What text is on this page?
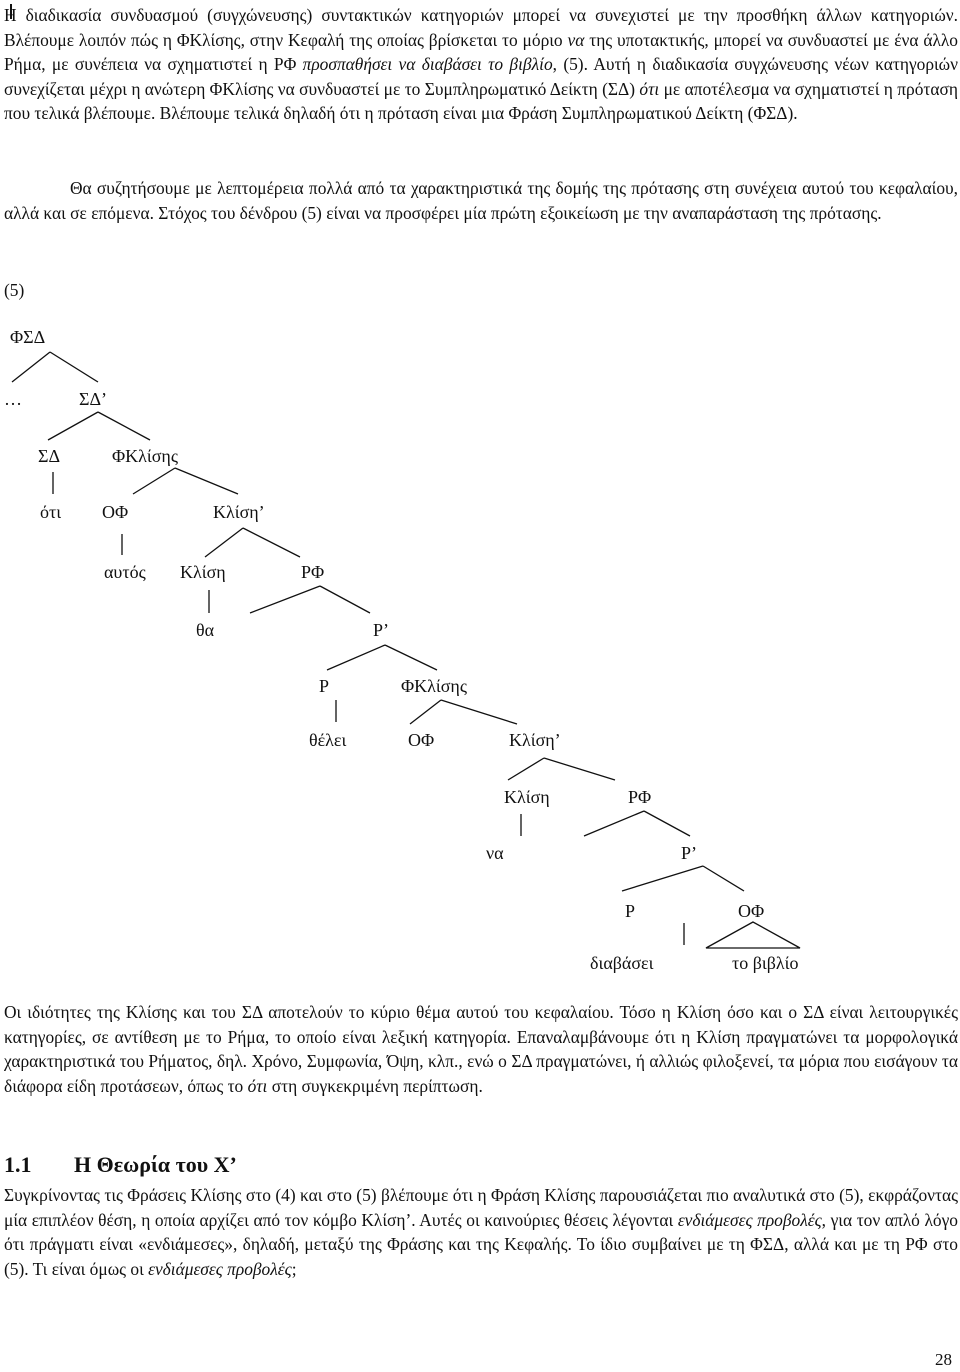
Η διαδικασία συνδυασμού (συγχώνευσης) συντακτικών κατηγοριών μπορεί να συνεχιστεί με την προσθήκη άλλων κατηγοριών. Βλέπουμε λοιπόν πώς η ΦΚλίσης, στην Κεφαλή της οποίας βρίσκεται το μόριο να της υποτακτικής, μπορεί να συνδυαστεί με ένα άλλο Ρήμα, με συνέπεια να σχηματιστεί η ΡΦ προσπαθήσει να διαβάσει το βιβλίο, (5). Αυτή η διαδικασία συγχώνευσης νέων κατηγοριών συνεχίζεται μέχρι η ανώτερη ΦΚλίσης να συνδυαστεί με το Συμπληρωματικό Δείκτη (ΣΔ) ότι με αποτέλεσμα να σχηματιστεί η πρόταση που τελικά βλέπουμε. Βλέπουμε τελικά δηλαδή ότι η πρόταση είναι μια Φράση Συμπληρωματικού Δείκτη (ΦΣΔ).

Θα συζητήσουμε με λεπτομέρεια πολλά από τα χαρακτηριστικά της δομής της πρότασης στη συνέχεια αυτού του κεφαλαίου, αλλά και σε επόμενα. Στόχος του δένδρου (5) είναι να προσφέρει μία πρώτη εξοικείωση με την αναπαράσταση της πρότασης.

(5)
ΦΣΔ
…	ΣΔ’
ΣΔ	ΦΚλίσης
ότι ΟΦ	Κλίση’
αυτός Κλίση	ΡΦ
θα	Ρ’
Ρ	ΦΚλίσης
θέλει	ΟΦ	Κλίση’
Κλίση	ΡΦ
να	Ρ’
Ρ	ΟΦ
διαβάσει	το βιβλίο

Οι ιδιότητες της Κλίσης και του ΣΔ αποτελούν το κύριο θέμα αυτού του κεφαλαίου. Τόσο η Κλίση όσο και ο ΣΔ είναι λειτουργικές κατηγορίες, σε αντίθεση με το Ρήμα, το οποίο είναι λεξική κατηγορία. Επαναλαμβάνουμε ότι η Κλίση πραγματώνει τα μορφολογικά χαρακτηριστικά του Ρήματος, δηλ. Χρόνο, Συμφωνία, Όψη, κλπ., ενώ ο ΣΔ πραγματώνει, ή αλλιώς φιλοξενεί, τα μόρια που εισάγουν τα διάφορα είδη προτάσεων, όπως το ότι στη συγκεκριμένη περίπτωση.

1.1 Η Θεωρία του Χ’

Συγκρίνοντας τις Φράσεις Κλίσης στο (4) και στο (5) βλέπουμε ότι η Φράση Κλίσης παρουσιάζεται πιο αναλυτικά στο (5), εκφράζοντας μία επιπλέον θέση, η οποία αρχίζει από τον κόμβο Κλίση’. Αυτές οι καινούριες θέσεις λέγονται ενδιάμεσες προβολές, για τον απλό λόγο ότι πράγματι είναι «ενδιάμεσες», δηλαδή, μεταξύ της Φράσης και της Κεφαλής. Το ίδιο συμβαίνει με τη ΦΣΔ, αλλά και με τη ΡΦ στο (5). Τι είναι όμως οι ενδιάμεσες προβολές;

28
